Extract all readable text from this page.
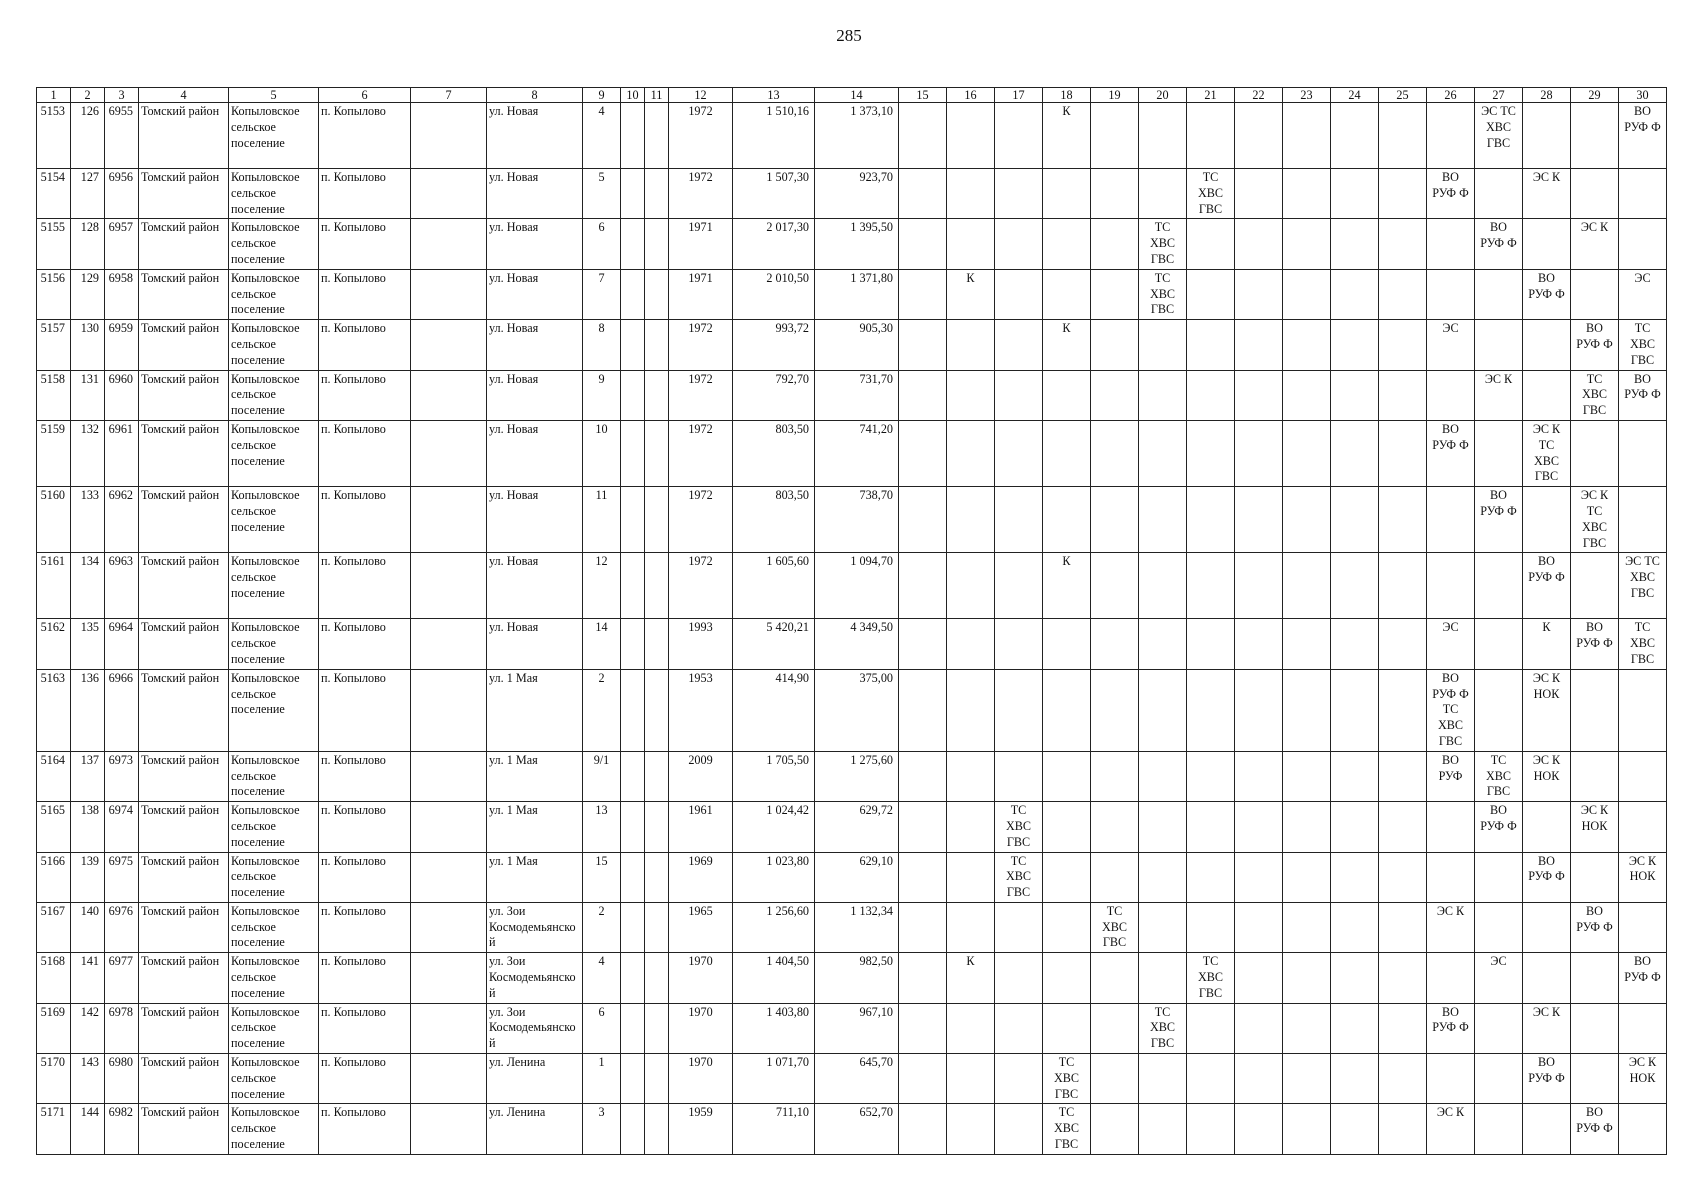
285
1	2	3	4	5	6	7	8	9	10	11	12	13	14	15	16	17	18	19	20	21	22	23	24	25	26	27	28	29	30
5153	126	6955	Томский район	Копыловское сельское поселение	п. Копылово		ул. Новая	4			1972	1 510,16	1 373,10				К									ЭС ТС ХВС ГВС			ВО РУФ Ф
5154	127	6956	Томский район	Копыловское сельское поселение	п. Копылово		ул. Новая	5			1972	1 507,30	923,70							ТС ХВС ГВС					ВО РУФ Ф		ЭС К		
5155	128	6957	Томский район	Копыловское сельское поселение	п. Копылово		ул. Новая	6			1971	2 017,30	1 395,50						ТС ХВС ГВС							ВО РУФ Ф		ЭС К	
5156	129	6958	Томский район	Копыловское сельское поселение	п. Копылово		ул. Новая	7			1971	2 010,50	1 371,80		К				ТС ХВС ГВС								ВО РУФ Ф		ЭС
5157	130	6959	Томский район	Копыловское сельское поселение	п. Копылово		ул. Новая	8			1972	993,72	905,30				К								ЭС			ВО РУФ Ф	ТС ХВС ГВС
5158	131	6960	Томский район	Копыловское сельское поселение	п. Копылово		ул. Новая	9			1972	792,70	731,70													ЭС К		ТС ХВС ГВС	ВО РУФ Ф
5159	132	6961	Томский район	Копыловское сельское поселение	п. Копылово		ул. Новая	10			1972	803,50	741,20												ВО РУФ Ф		ЭС К ТС ХВС ГВС		
5160	133	6962	Томский район	Копыловское сельское поселение	п. Копылово		ул. Новая	11			1972	803,50	738,70													ВО РУФ Ф		ЭС К ТС ХВС ГВС	
5161	134	6963	Томский район	Копыловское сельское поселение	п. Копылово		ул. Новая	12			1972	1 605,60	1 094,70				К										ВО РУФ Ф		ЭС ТС ХВС ГВС
5162	135	6964	Томский район	Копыловское сельское поселение	п. Копылово		ул. Новая	14			1993	5 420,21	4 349,50												ЭС		К	ВО РУФ Ф	ТС ХВС ГВС
5163	136	6966	Томский район	Копыловское сельское поселение	п. Копылово		ул. 1 Мая	2			1953	414,90	375,00												ВО РУФ Ф ТС ХВС ГВС		ЭС К НОК		
5164	137	6973	Томский район	Копыловское сельское поселение	п. Копылово		ул. 1 Мая	9/1			2009	1 705,50	1 275,60												ВО РУФ	ТС ХВС ГВС	ЭС К НОК		
5165	138	6974	Томский район	Копыловское сельское поселение	п. Копылово		ул. 1 Мая	13			1961	1 024,42	629,72			ТС ХВС ГВС										ВО РУФ Ф		ЭС К НОК	
5166	139	6975	Томский район	Копыловское сельское поселение	п. Копылово		ул. 1 Мая	15			1969	1 023,80	629,10			ТС ХВС ГВС											ВО РУФ Ф		ЭС К НОК
5167	140	6976	Томский район	Копыловское сельское поселение	п. Копылово		ул. Зои Космодемьянской	2			1965	1 256,60	1 132,34					ТС ХВС ГВС							ЭС К			ВО РУФ Ф	
5168	141	6977	Томский район	Копыловское сельское поселение	п. Копылово		ул. Зои Космодемьянской	4			1970	1 404,50	982,50		К					ТС ХВС ГВС						ЭС			ВО РУФ Ф
5169	142	6978	Томский район	Копыловское сельское поселение	п. Копылово		ул. Зои Космодемьянской	6			1970	1 403,80	967,10						ТС ХВС ГВС						ВО РУФ Ф		ЭС К		
5170	143	6980	Томский район	Копыловское сельское поселение	п. Копылово		ул. Ленина	1			1970	1 071,70	645,70				ТС ХВС ГВС										ВО РУФ Ф		ЭС К НОК
5171	144	6982	Томский район	Копыловское сельское поселение	п. Копылово		ул. Ленина	3			1959	711,10	652,70				ТС ХВС ГВС								ЭС К			ВО РУФ Ф	
